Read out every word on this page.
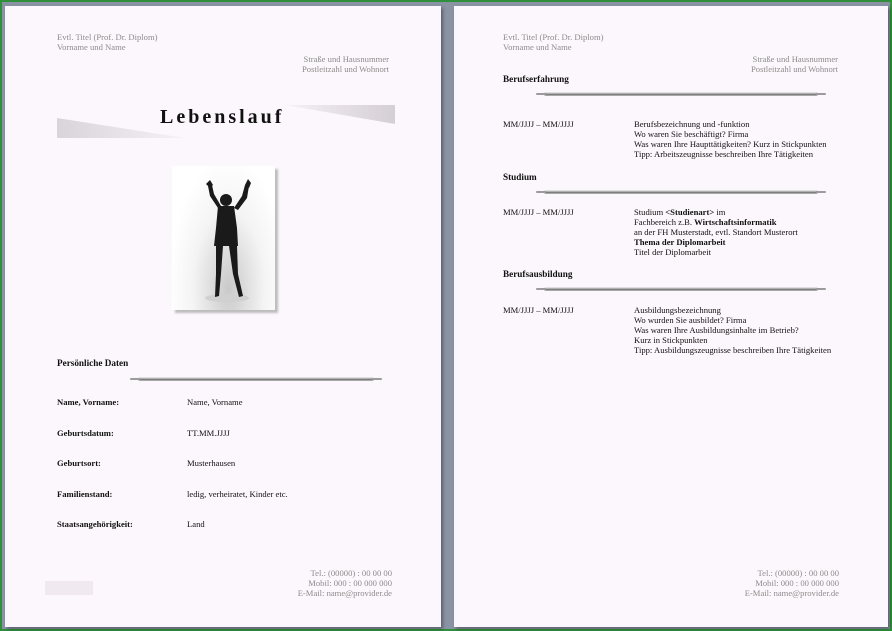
Evtl. Titel (Prof. Dr. Diplom)
Vorname und Name
Straße und Hausnummer
Postleitzahl und Wohnort
Lebenslauf
Persönliche Daten
Name, Vorname:	Name, Vorname
Geburtsdatum:	TT.MM.JJJJ
Geburtsort:	Musterhausen
Familienstand:	ledig, verheiratet, Kinder etc.
Staatsangehörigkeit:	Land
Tel.: (00000) : 00 00 00
Mobil: 000 : 00 000 000
E-Mail: name@provider.de
Evtl. Titel (Prof. Dr. Diplom)
Vorname und Name
Straße und Hausnummer
Postleitzahl und Wohnort
Berufserfahrung
MM/JJJJ – MM/JJJJ	Berufsbezeichnung und -funktion
Wo waren Sie beschäftigt? Firma
Was waren Ihre Haupttätigkeiten? Kurz in Stickpunkten
Tipp: Arbeitszeugnisse beschreiben Ihre Tätigkeiten
Studium
MM/JJJJ – MM/JJJJ	Studium <Studienart> im
Fachbereich z.B. Wirtschaftsinformatik
an der FH Musterstadt, evtl. Standort Musterort
Thema der Diplomarbeit
Titel der Diplomarbeit
Berufsausbildung
MM/JJJJ – MM/JJJJ	Ausbildungsbezeichnung
Wo wurden Sie ausbildet? Firma
Was waren Ihre Ausbildungsinhalte im Betrieb?
Kurz in Stickpunkten
Tipp: Ausbildungszeugnisse beschreiben Ihre Tätigkeiten
Tel.: (00000) : 00 00 00
Mobil: 000 : 00 000 000
E-Mail: name@provider.de
